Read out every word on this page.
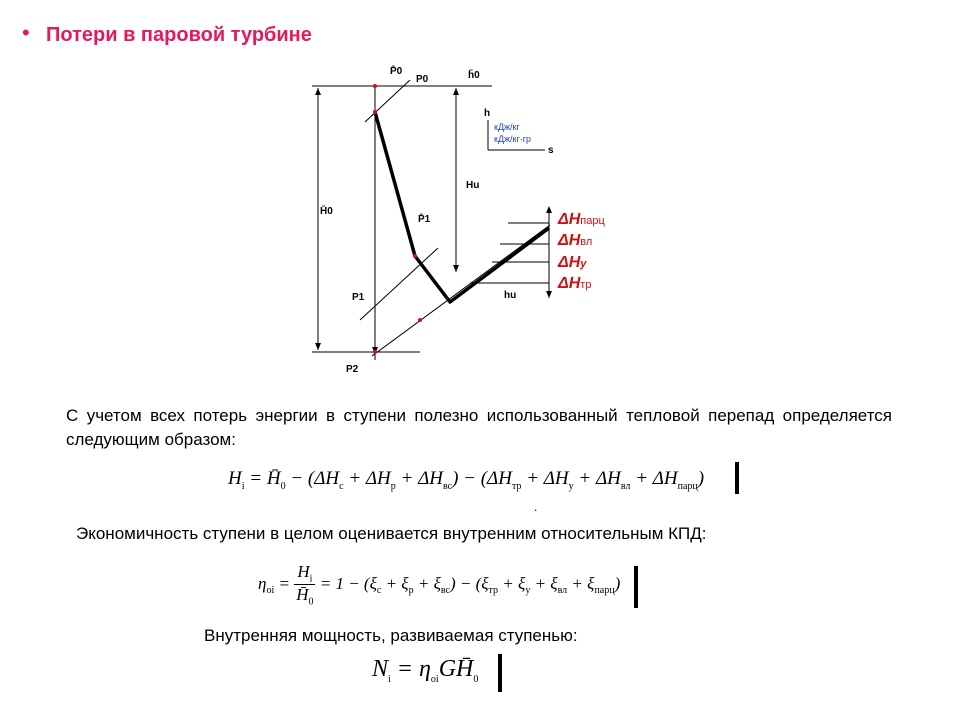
• Потери в паровой турбине
P̄0
P0	h̄0
H̄0
h
s
Hu
P̄1
P1
P2
hu
кДж/кг
кДж/кг·гр
ΔHпарц
ΔHвл
ΔHу
ΔHтр
С учетом всех потерь энергии в ступени полезно использованный тепловой перепад определяется следующим образом:
$H_i$ = $H̄_0 - (\Delta H_c + \Delta H_p + \Delta H_{вс}) - (\Delta H_{тр} + \Delta H_у + \Delta H_{вл} + \Delta H_{парц})$
.
Экономичность ступени в целом оценивается внутренним относительным КПД:
$\eta_{oi} = \frac{H_i}{H̄_0} = 1 - (\xi_c + \xi_p + \xi_{вс}) - (\xi_{тр} + \xi_у + \xi_{вл} + \xi_{парц})$
Внутренняя мощность, развиваемая ступенью:
$N_i$ = $\eta_{oi}GH̄_0$
